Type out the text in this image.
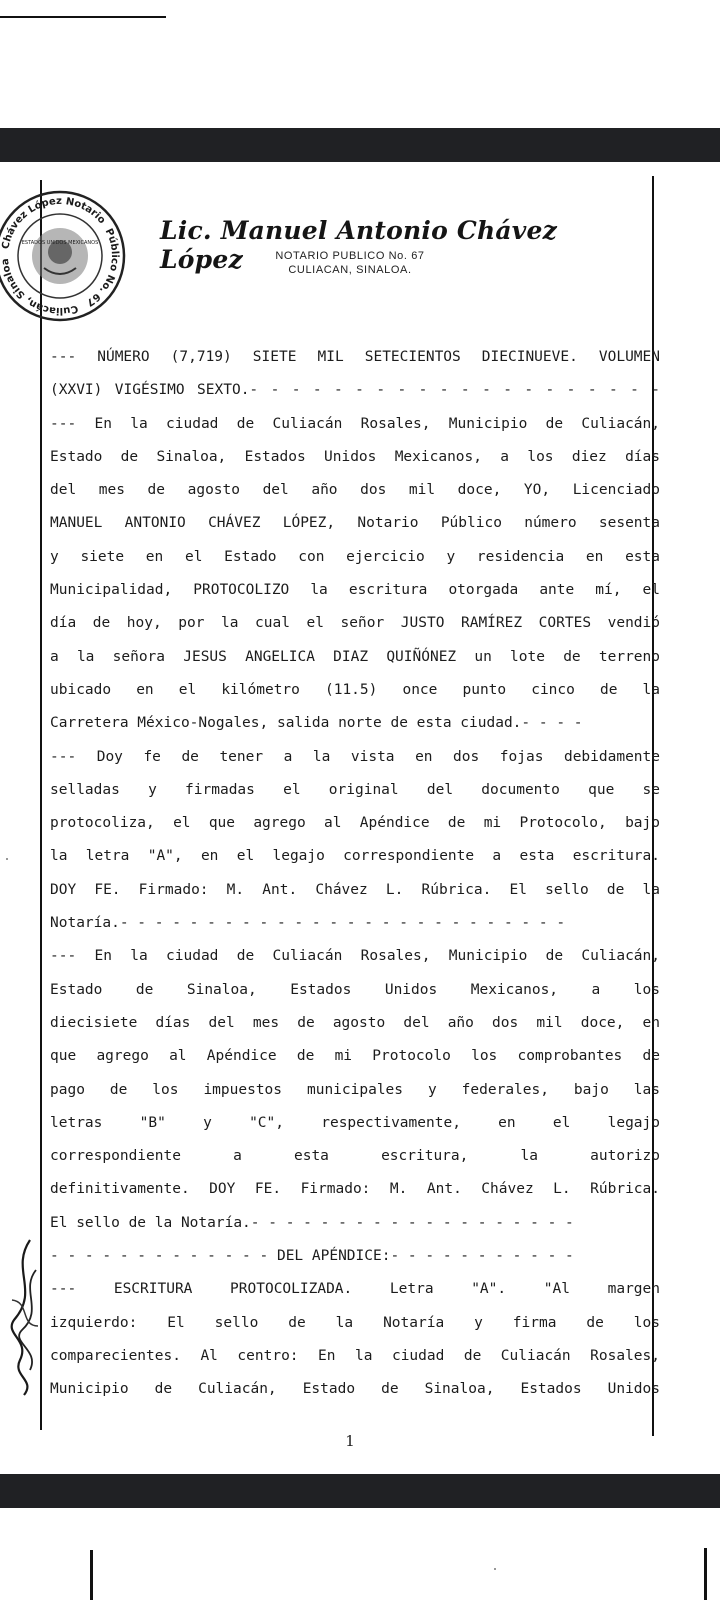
Chávez López Notario Público No. 67 Culiacán, Sinaloa
ESTADOS UNIDOS MEXICANOS Lic. Manuel Antonio Chávez López	NOTARIO PUBLICO No. 67
CULIACAN, SINALOA.
--- NÚMERO (7,719) SIETE MIL SETECIENTOS DIECINUEVE. VOLUMEN
(XXVI) VIGÉSIMO SEXTO.- - - - - - - - - - - - - - - - - - - -
--- En la ciudad de Culiacán Rosales, Municipio de Culiacán,
Estado de Sinaloa, Estados Unidos Mexicanos, a los diez días
del mes de agosto del año dos mil doce, YO, Licenciado
MANUEL ANTONIO CHÁVEZ LÓPEZ, Notario Público número sesenta
y siete en el Estado con ejercicio y residencia en esta
Municipalidad, PROTOCOLIZO la escritura otorgada ante mí, el
día de hoy, por la cual el señor JUSTO RAMÍREZ CORTES vendió
a la señora JESUS ANGELICA DIAZ QUIÑÓNEZ un lote de terreno
ubicado en el kilómetro (11.5) once punto cinco de la
Carretera México-Nogales, salida norte de esta ciudad.- - - -
--- Doy fe de tener a la vista en dos fojas debidamente
selladas y firmadas el original del documento que se
protocoliza, el que agrego al Apéndice de mi Protocolo, bajo
la letra "A", en el legajo correspondiente a esta escritura.
DOY FE. Firmado: M. Ant. Chávez L. Rúbrica. El sello de la
Notaría.- - - - - - - - - - - - - - - - - - - - - - - - - -
--- En la ciudad de Culiacán Rosales, Municipio de Culiacán,
Estado de Sinaloa, Estados Unidos Mexicanos, a los
diecisiete días del mes de agosto del año dos mil doce, en
que agrego al Apéndice de mi Protocolo los comprobantes de
pago de los impuestos municipales y federales, bajo las
letras "B" y "C", respectivamente, en el legajo
correspondiente a esta escritura, la autorizo
definitivamente. DOY FE. Firmado: M. Ant. Chávez L. Rúbrica.
El sello de la Notaría.- - - - - - - - - - - - - - - - - - -
- - - - - - - - - - - - - DEL APÉNDICE:- - - - - - - - - - -
--- ESCRITURA PROTOCOLIZADA. Letra "A". "Al margen
izquierdo: El sello de la Notaría y firma de los
comparecientes. Al centro: En la ciudad de Culiacán Rosales,
Municipio de Culiacán, Estado de Sinaloa, Estados Unidos
1
